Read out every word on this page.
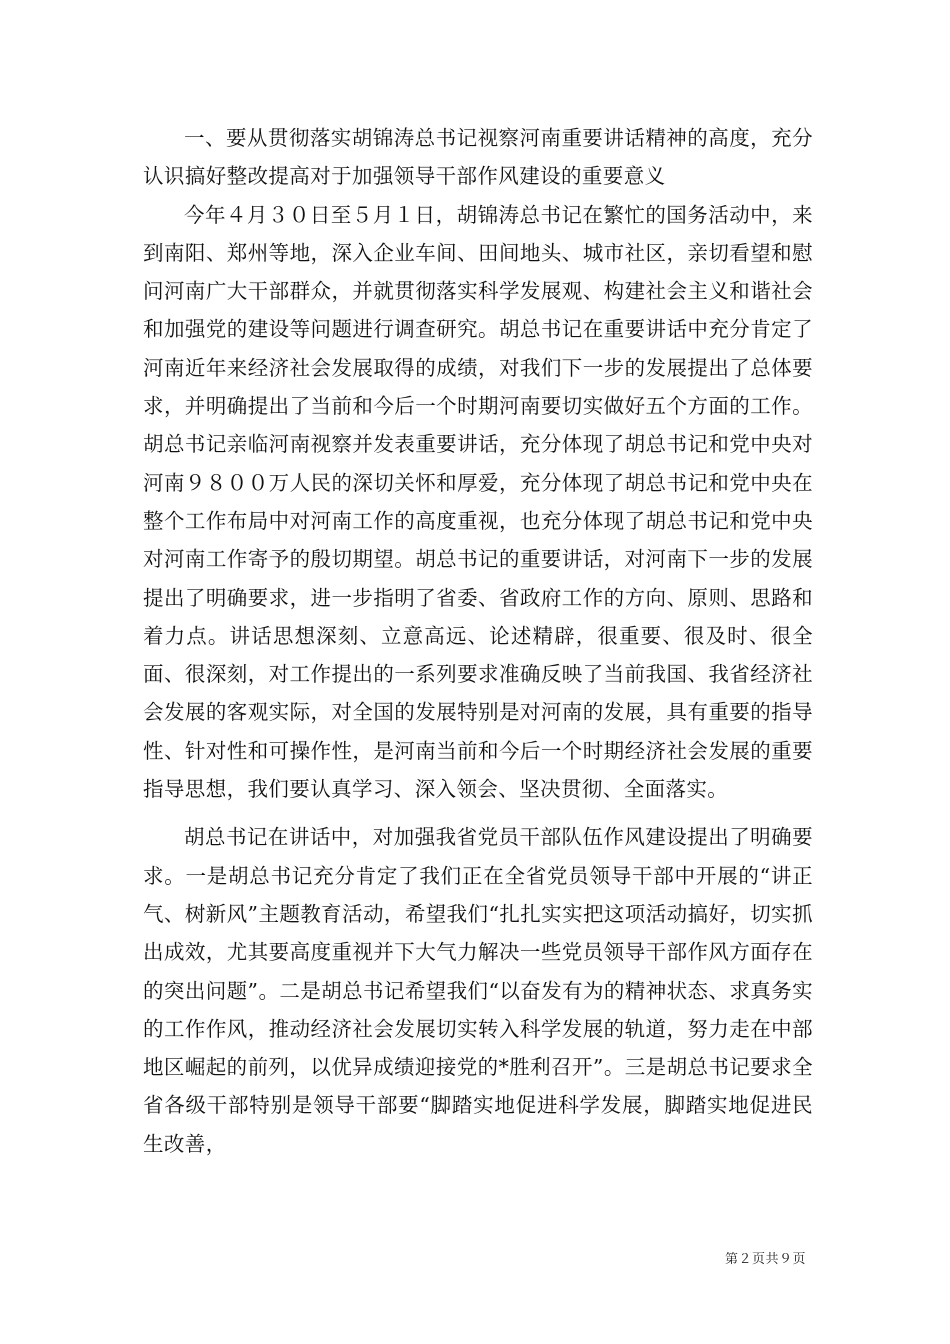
一、要从贯彻落实胡锦涛总书记视察河南重要讲话精神的高度，充分认识搞好整改提高对于加强领导干部作风建设的重要意义

今年４月３０日至５月１日，胡锦涛总书记在繁忙的国务活动中，来到南阳、郑州等地，深入企业车间、田间地头、城市社区，亲切看望和慰问河南广大干部群众，并就贯彻落实科学发展观、构建社会主义和谐社会和加强党的建设等问题进行调查研究。胡总书记在重要讲话中充分肯定了河南近年来经济社会发展取得的成绩，对我们下一步的发展提出了总体要求，并明确提出了当前和今后一个时期河南要切实做好五个方面的工作。胡总书记亲临河南视察并发表重要讲话，充分体现了胡总书记和党中央对河南９８００万人民的深切关怀和厚爱，充分体现了胡总书记和党中央在整个工作布局中对河南工作的高度重视，也充分体现了胡总书记和党中央对河南工作寄予的殷切期望。胡总书记的重要讲话，对河南下一步的发展提出了明确要求，进一步指明了省委、省政府工作的方向、原则、思路和着力点。讲话思想深刻、立意高远、论述精辟，很重要、很及时、很全面、很深刻，对工作提出的一系列要求准确反映了当前我国、我省经济社会发展的客观实际，对全国的发展特别是对河南的发展，具有重要的指导性、针对性和可操作性，是河南当前和今后一个时期经济社会发展的重要指导思想，我们要认真学习、深入领会、坚决贯彻、全面落实。

胡总书记在讲话中，对加强我省党员干部队伍作风建设提出了明确要求。一是胡总书记充分肯定了我们正在全省党员领导干部中开展的“讲正气、树新风”主题教育活动，希望我们“扎扎实实把这项活动搞好，切实抓出成效，尤其要高度重视并下大气力解决一些党员领导干部作风方面存在的突出问题”。二是胡总书记希望我们“以奋发有为的精神状态、求真务实的工作作风，推动经济社会发展切实转入科学发展的轨道，努力走在中部地区崛起的前列，以优异成绩迎接党的*胜利召开”。三是胡总书记要求全省各级干部特别是领导干部要“脚踏实地促进科学发展，脚踏实地促进民生改善，

第２页共９页
